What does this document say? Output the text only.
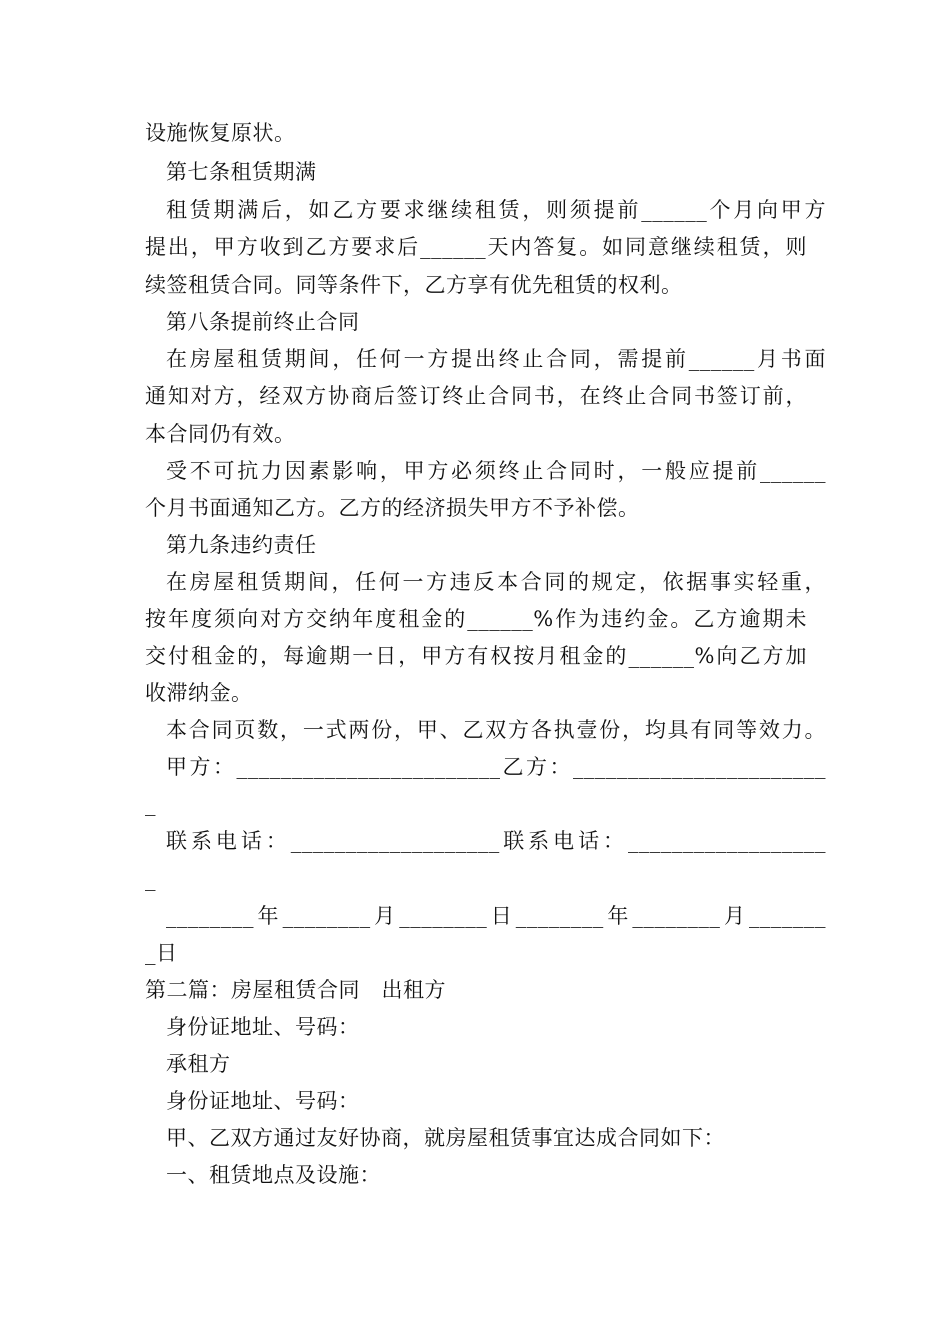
设施恢复原状。
第七条租赁期满
租赁期满后，如乙方要求继续租赁，则须提前______个月向甲方
提出，甲方收到乙方要求后______天内答复。如同意继续租赁，则
续签租赁合同。同等条件下，乙方享有优先租赁的权利。
第八条提前终止合同
在房屋租赁期间，任何一方提出终止合同，需提前______月书面
通知对方，经双方协商后签订终止合同书，在终止合同书签订前，
本合同仍有效。
受不可抗力因素影响，甲方必须终止合同时，一般应提前______
个月书面通知乙方。乙方的经济损失甲方不予补偿。
第九条违约责任
在房屋租赁期间，任何一方违反本合同的规定，依据事实轻重，
按年度须向对方交纳年度租金的______%作为违约金。乙方逾期未
交付租金的，每逾期一日，甲方有权按月租金的______%向乙方加
收滞纳金。
本合同页数，一式两份，甲、乙双方各执壹份，均具有同等效力。
甲方：________________________乙方：_______________________
_
联系电话：___________________联系电话：__________________
_
________年________月________日________年________月_______
_日
第二篇：房屋租赁合同　出租方
身份证地址、号码：
承租方
身份证地址、号码：
甲、乙双方通过友好协商，就房屋租赁事宜达成合同如下：
一、租赁地点及设施：
